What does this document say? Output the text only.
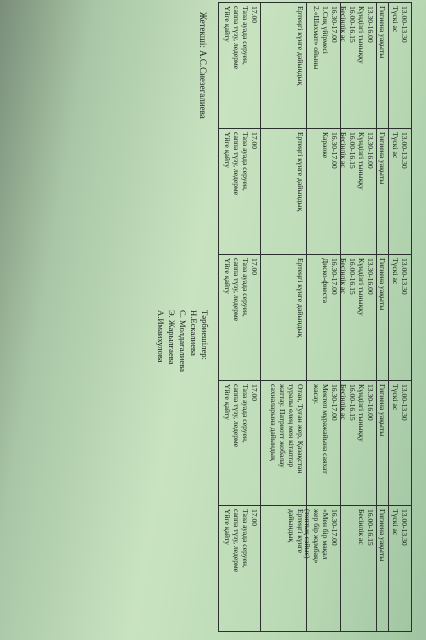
13.00-13.30
Түскі ас
Гигиена уақыты
13.30-16.00
Күндізгі тыныққу
16.00-16.15
Бесінлік ас
16.30-17.00
1.Сиқ үйірмесі
2.«Шахмат» ойыны
Ертеңгі күнге дайындық
17.00
Таза ауада серуен,
саппа түзу, ледерме
Үйге қайту
13.00-13.30
Түскі ас
Гигиена уақыты
13.30-16.00
Күндізгі тыныққу
16.00-16.15
Бесінлік ас
16.30-17.00
Караоке
Ертеңгі күнге дайындық
17.00
Таза ауада серуен,
саппа түзу, ледерме
Үйге қайту
13.00-13.30
Түскі ас
Гигиена уақыты
13.30-16.00
Күндізгі тыныққу
16.00-16.15
Бесінлік ас
16.30-17.00
Диско-фиеста
Ертеңгі күнге дайындық
17.00
Таза ауада серуен,
саппа түзу, ледерме
Үйге қайту
13.00-13.30
Түскі ас
Гигиена уақыты
13.30-16.00
Күндізгі тыныққу
16.00-16.15
Бесінлік ас
16.30-17.00
Мектеп мұражайына саяхат
жасау.
Отан, Туған жер, Қазақстан
туралы өлең мен кітаптар
жаттау. Патриотт жобалау
сахналарына дайындық
17.00
Таза ауада серуен,
саппа түзу, ледерме
Үйге қайту
13.00-13.30
Түскі ас
Гигиена уақыты
16.00-16.15
Бесінлік ас
16.30-17.00
«Мен бір мақал
жер бір жұмбақ»
(топтық сайыс)
Ертеңгі күнге
дайындық
17.00
Таза ауада серуен,
саппа түзу, ледерме
Үйге қайту
Жетекші: А.С.Сиезегалиева
Тәрбиешілер:
Н.Ескалиева
С. Молдағалиева
Э. Жарылғаева
А.Имаихулова
